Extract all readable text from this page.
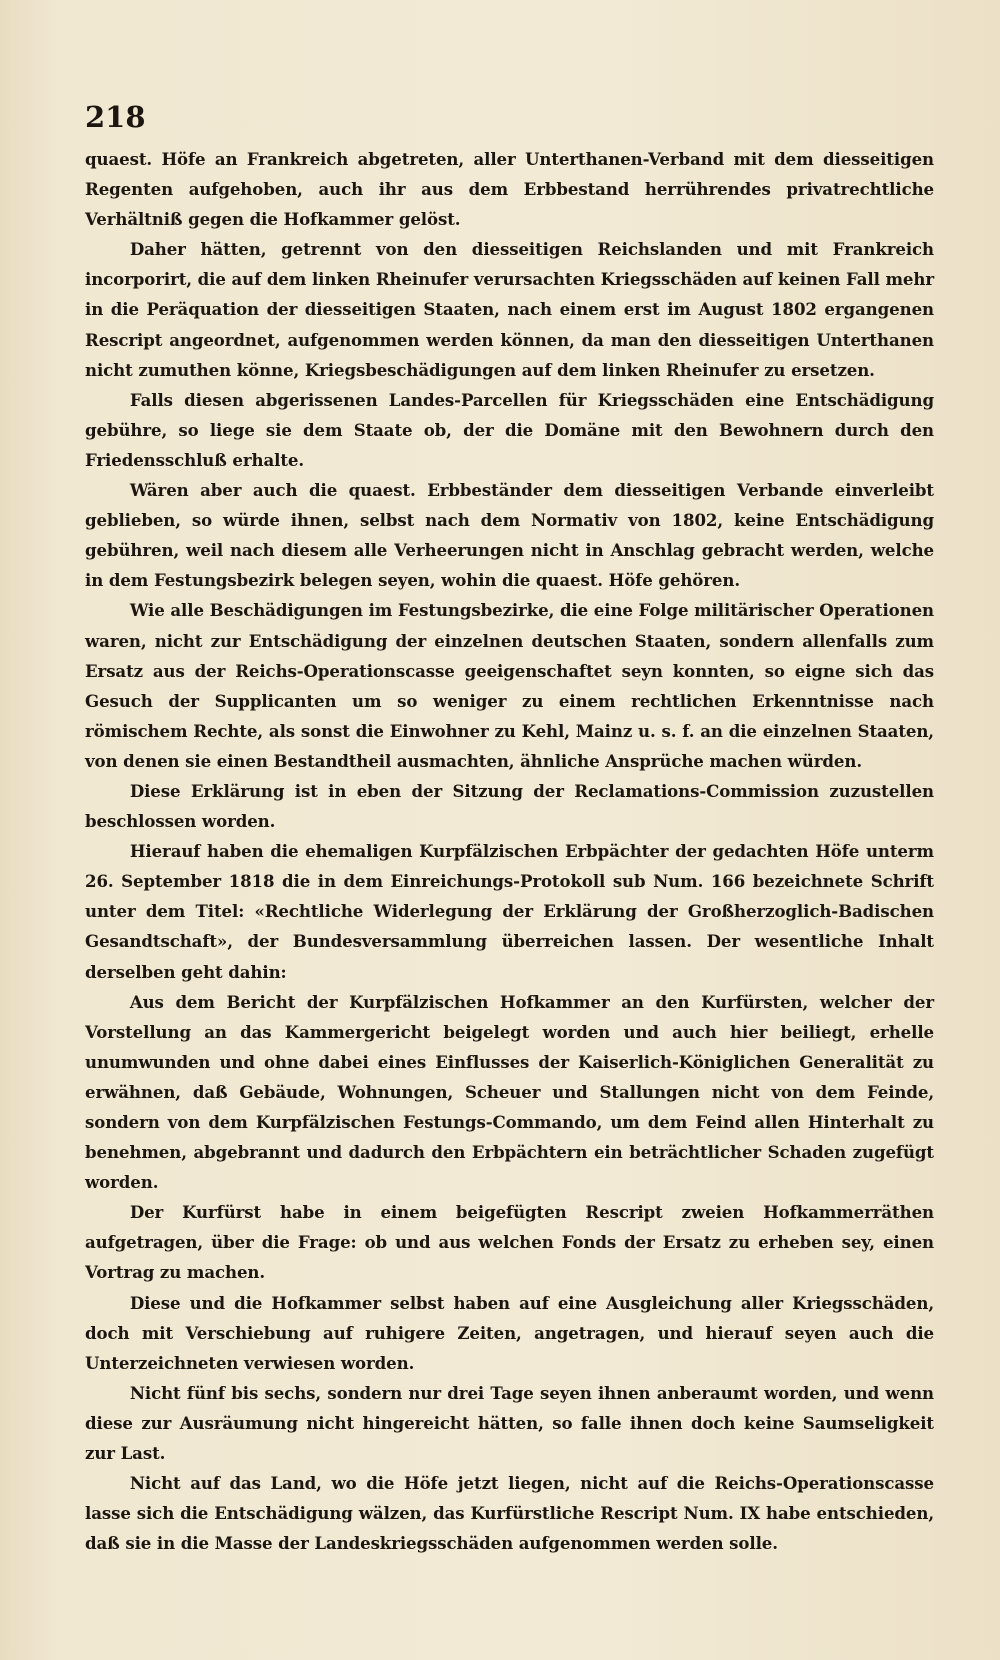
218

quaest. Höfe an Frankreich abgetreten, aller Unterthanen-Verband mit dem diesseitigen Regenten aufgehoben, auch ihr aus dem Erbbestand herrührendes privatrechtliche Verhältniß gegen die Hofkammer gelöst.

Daher hätten, getrennt von den diesseitigen Reichslanden und mit Frankreich incorporirt, die auf dem linken Rheinufer verursachten Kriegsschäden auf keinen Fall mehr in die Peräquation der diesseitigen Staaten, nach einem erst im August 1802 ergangenen Rescript angeordnet, aufgenommen werden können, da man den diesseitigen Unterthanen nicht zumuthen könne, Kriegsbeschädigungen auf dem linken Rheinufer zu ersetzen.

Falls diesen abgerissenen Landes-Parcellen für Kriegsschäden eine Entschädigung gebühre, so liege sie dem Staate ob, der die Domäne mit den Bewohnern durch den Friedensschluß erhalte.

Wären aber auch die quaest. Erbbeständer dem diesseitigen Verbande einverleibt geblieben, so würde ihnen, selbst nach dem Normativ von 1802, keine Entschädigung gebühren, weil nach diesem alle Verheerungen nicht in Anschlag gebracht werden, welche in dem Festungsbezirk belegen seyen, wohin die quaest. Höfe gehören.

Wie alle Beschädigungen im Festungsbezirke, die eine Folge militärischer Operationen waren, nicht zur Entschädigung der einzelnen deutschen Staaten, sondern allenfalls zum Ersatz aus der Reichs-Operationscasse geeigenschaftet seyn konnten, so eigne sich das Gesuch der Supplicanten um so weniger zu einem rechtlichen Erkenntnisse nach römischem Rechte, als sonst die Einwohner zu Kehl, Mainz u. s. f. an die einzelnen Staaten, von denen sie einen Bestandtheil ausmachten, ähnliche Ansprüche machen würden.

Diese Erklärung ist in eben der Sitzung der Reclamations-Commission zuzustellen beschlossen worden.

Hierauf haben die ehemaligen Kurpfälzischen Erbpächter der gedachten Höfe unterm 26. September 1818 die in dem Einreichungs-Protokoll sub Num. 166 bezeichnete Schrift unter dem Titel: «Rechtliche Widerlegung der Erklärung der Großherzoglich-Badischen Gesandtschaft», der Bundesversammlung überreichen lassen. Der wesentliche Inhalt derselben geht dahin:

Aus dem Bericht der Kurpfälzischen Hofkammer an den Kurfürsten, welcher der Vorstellung an das Kammergericht beigelegt worden und auch hier beiliegt, erhelle unumwunden und ohne dabei eines Einflusses der Kaiserlich-Königlichen Generalität zu erwähnen, daß Gebäude, Wohnungen, Scheuer und Stallungen nicht von dem Feinde, sondern von dem Kurpfälzischen Festungs-Commando, um dem Feind allen Hinterhalt zu benehmen, abgebrannt und dadurch den Erbpächtern ein beträchtlicher Schaden zugefügt worden.

Der Kurfürst habe in einem beigefügten Rescript zweien Hofkammerräthen aufgetragen, über die Frage: ob und aus welchen Fonds der Ersatz zu erheben sey, einen Vortrag zu machen.

Diese und die Hofkammer selbst haben auf eine Ausgleichung aller Kriegsschäden, doch mit Verschiebung auf ruhigere Zeiten, angetragen, und hierauf seyen auch die Unterzeichneten verwiesen worden.

Nicht fünf bis sechs, sondern nur drei Tage seyen ihnen anberaumt worden, und wenn diese zur Ausräumung nicht hingereicht hätten, so falle ihnen doch keine Saumseligkeit zur Last.

Nicht auf das Land, wo die Höfe jetzt liegen, nicht auf die Reichs-Operationscasse lasse sich die Entschädigung wälzen, das Kurfürstliche Rescript Num. IX habe entschieden, daß sie in die Masse der Landeskriegsschäden aufgenommen werden solle.
